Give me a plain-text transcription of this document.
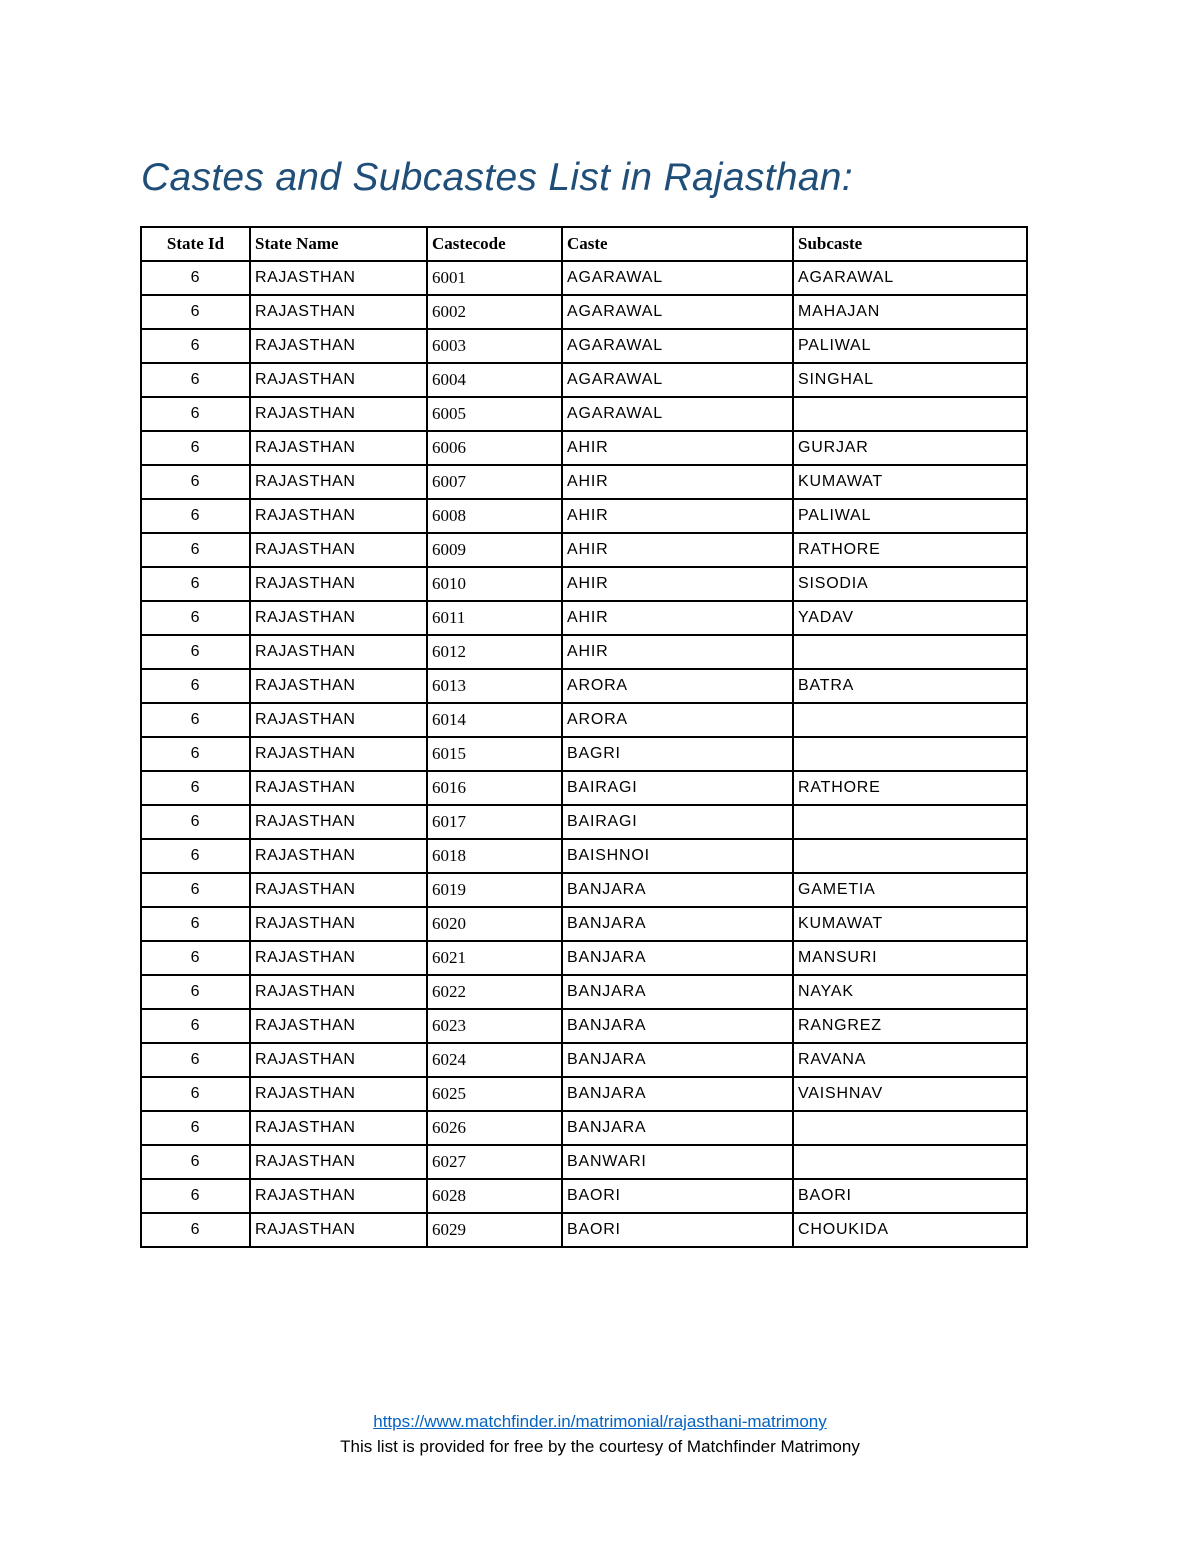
Castes and Subcastes List in Rajasthan:
State Id	State Name	Castecode	Caste	Subcaste
6	RAJASTHAN	6001	AGARAWAL	AGARAWAL
6	RAJASTHAN	6002	AGARAWAL	MAHAJAN
6	RAJASTHAN	6003	AGARAWAL	PALIWAL
6	RAJASTHAN	6004	AGARAWAL	SINGHAL
6	RAJASTHAN	6005	AGARAWAL	
6	RAJASTHAN	6006	AHIR	GURJAR
6	RAJASTHAN	6007	AHIR	KUMAWAT
6	RAJASTHAN	6008	AHIR	PALIWAL
6	RAJASTHAN	6009	AHIR	RATHORE
6	RAJASTHAN	6010	AHIR	SISODIA
6	RAJASTHAN	6011	AHIR	YADAV
6	RAJASTHAN	6012	AHIR	
6	RAJASTHAN	6013	ARORA	BATRA
6	RAJASTHAN	6014	ARORA	
6	RAJASTHAN	6015	BAGRI	
6	RAJASTHAN	6016	BAIRAGI	RATHORE
6	RAJASTHAN	6017	BAIRAGI	
6	RAJASTHAN	6018	BAISHNOI	
6	RAJASTHAN	6019	BANJARA	GAMETIA
6	RAJASTHAN	6020	BANJARA	KUMAWAT
6	RAJASTHAN	6021	BANJARA	MANSURI
6	RAJASTHAN	6022	BANJARA	NAYAK
6	RAJASTHAN	6023	BANJARA	RANGREZ
6	RAJASTHAN	6024	BANJARA	RAVANA
6	RAJASTHAN	6025	BANJARA	VAISHNAV
6	RAJASTHAN	6026	BANJARA	
6	RAJASTHAN	6027	BANWARI	
6	RAJASTHAN	6028	BAORI	BAORI
6	RAJASTHAN	6029	BAORI	CHOUKIDA
https://www.matchfinder.in/matrimonial/rajasthani-matrimony
This list is provided for free by the courtesy of Matchfinder Matrimony
